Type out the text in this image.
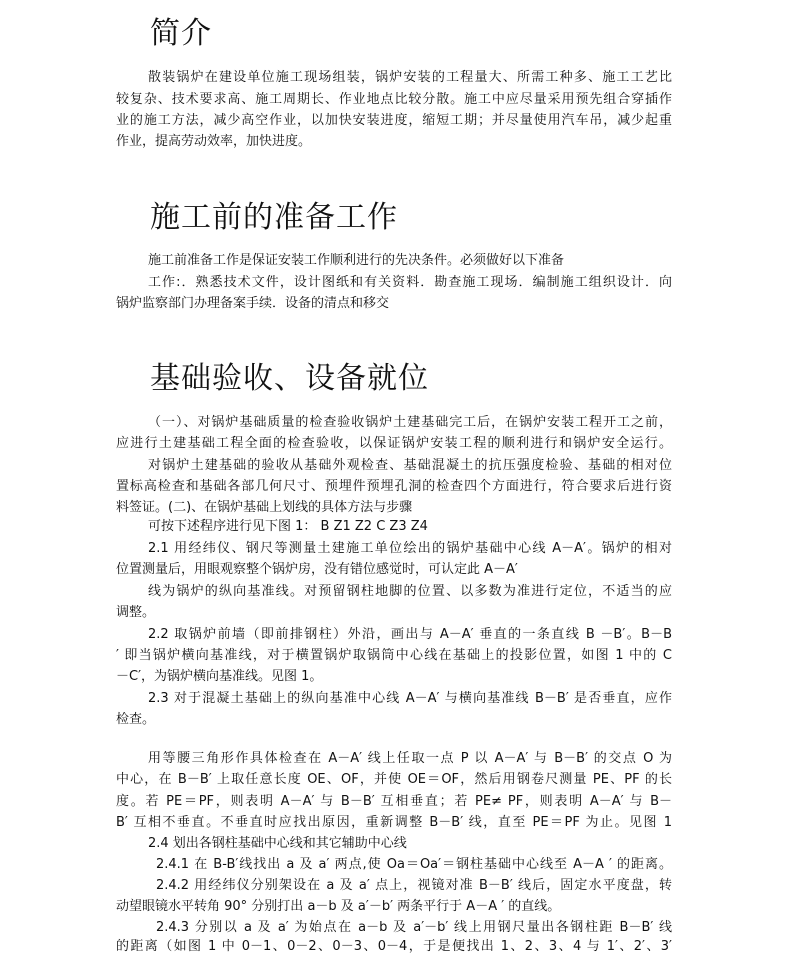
简介
散装锅炉在建设单位施工现场组装，锅炉安装的工程量大、所需工种多、施工工艺比
较复杂、技术要求高、施工周期长、作业地点比较分散。施工中应尽量采用预先组合穿插作
业的施工方法，减少高空作业，以加快安装进度，缩短工期；并尽量使用汽车吊，减少起重
作业，提高劳动效率，加快进度。
施工前的准备工作
施工前准备工作是保证安装工作顺利进行的先决条件。必须做好以下准备
工作:．熟悉技术文件，设计图纸和有关资料．勘查施工现场．编制施工组织设计．向
锅炉监察部门办理备案手续．设备的清点和移交
基础验收、设备就位
（一）、对锅炉基础质量的检查验收锅炉土建基础完工后，在锅炉安装工程开工之前，
应进行土建基础工程全面的检查验收，以保证锅炉安装工程的顺利进行和锅炉安全运行。
对锅炉土建基础的验收从基础外观检查、基础混凝土的抗压强度检验、基础的相对位
置标高检查和基础各部几何尺寸、预埋件预埋孔洞的检查四个方面进行，符合要求后进行资
料签证。(二)、在锅炉基础上划线的具体方法与步骤
可按下述程序进行见下图 1： B Z1 Z2 C Z3 Z4
2.1 用经纬仪、钢尺等测量土建施工单位绘出的锅炉基础中心线 A－A′。锅炉的相对
位置测量后，用眼观察整个锅炉房，没有错位感觉时，可认定此 A－A′
线为锅炉的纵向基准线。对预留钢柱地脚的位置、以多数为准进行定位，不适当的应
调整。
2.2 取锅炉前墙（即前排钢柱）外沿，画出与 A－A′ 垂直的一条直线 B －B′。B－B
′ 即当锅炉横向基准线，对于横置锅炉取锅筒中心线在基础上的投影位置，如图 1 中的 C
－C′，为锅炉横向基准线。见图 1。
2.3 对于混凝土基础上的纵向基准中心线 A－A′ 与横向基准线 B－B′ 是否垂直，应作
检查。
用等腰三角形作具体检查在 A－A′ 线上任取一点 P 以 A－A′ 与 B－B′ 的交点 O 为
中心，在 B－B′ 上取任意长度 OE、OF，并使 OE＝OF，然后用钢卷尺测量 PE、PF 的长
度。若 PE＝PF，则表明 A－A′ 与 B－B′ 互相垂直；若 PE≠ PF，则表明 A－A′ 与 B－
B′ 互相不垂直。不垂直时应找出原因，重新调整 B－B′ 线，直至 PE＝PF 为止。见图 1
2.4 划出各钢柱基础中心线和其它辅助中心线
2.4.1 在 B-B′线找出 a 及 a′ 两点,使 Oa＝Oa′＝钢柱基础中心线至 A－A ′ 的距离。
2.4.2 用经纬仪分别架设在 a 及 a′ 点上，视镜对准 B－B′ 线后，固定水平度盘，转
动望眼镜水平转角 90° 分别打出 a－b 及 a′－b′ 两条平行于 A－A ′ 的直线。
2.4.3 分别以 a 及 a′ 为始点在 a－b 及 a′－b′ 线上用钢尺量出各钢柱距 B－B′ 线
的距离（如图 1 中 0－1、0－2、0－3、0－4，于是便找出 1、2、3、4 与 1′、2′、3′
